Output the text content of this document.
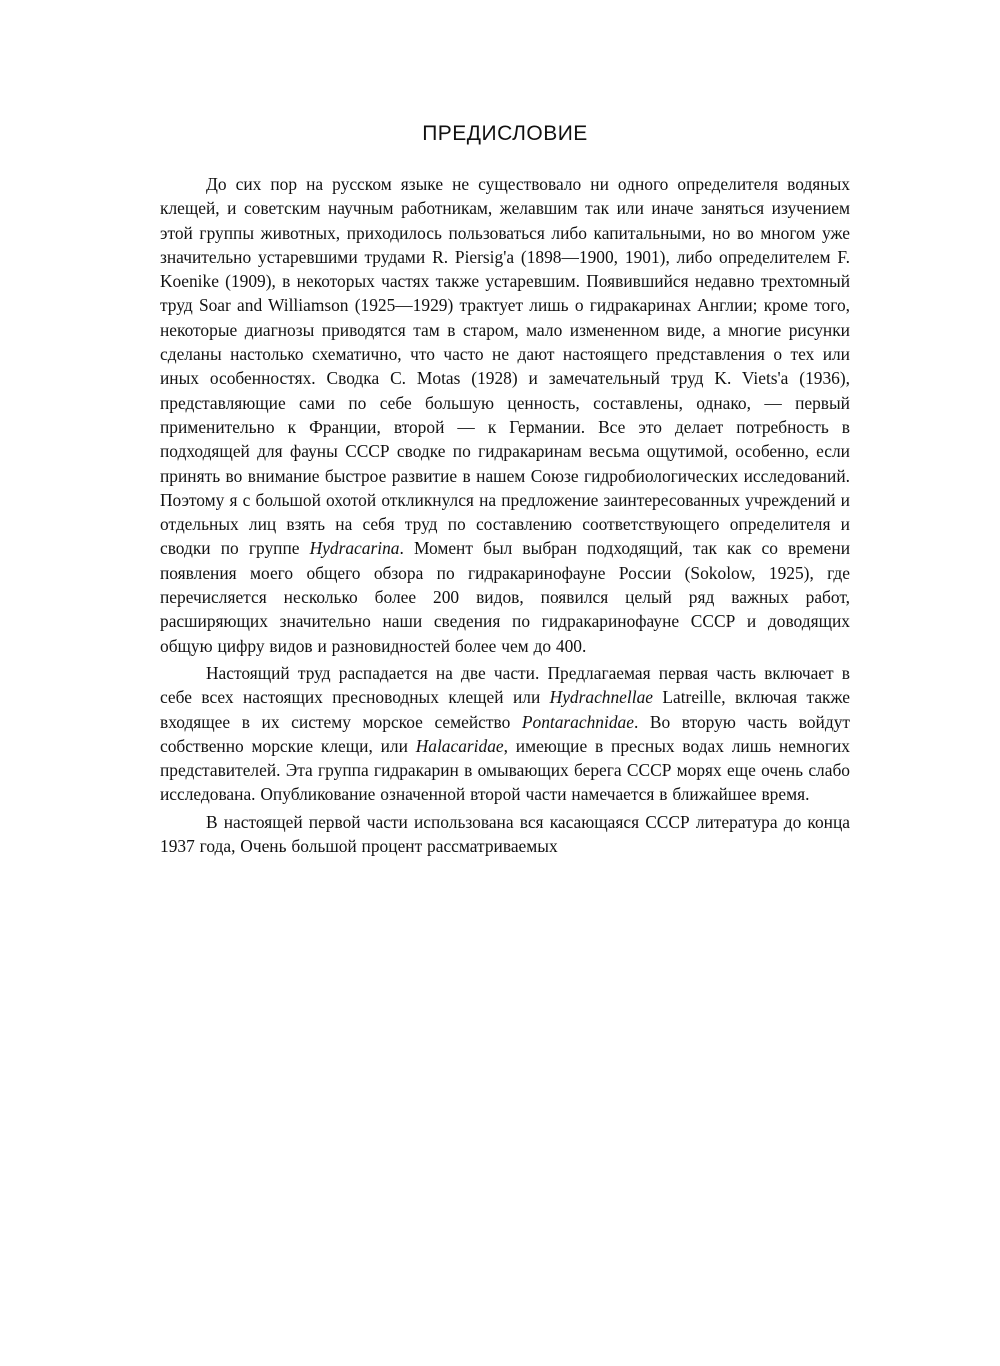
ПРЕДИСЛОВИЕ

До сих пор на русском языке не существовало ни одного определителя водяных клещей, и советским научным работникам, желавшим так или иначе заняться изучением этой группы животных, приходилось пользоваться либо капитальными, но во многом уже значительно устаревшими трудами R. Piersig'a (1898—1900, 1901), либо определителем F. Koenike (1909), в некоторых частях также устаревшим. Появившийся недавно трехтомный труд Soar and Williamson (1925—1929) трактует лишь о гидракаринах Англии; кроме того, некоторые диагнозы приводятся там в старом, мало измененном виде, а многие рисунки сделаны настолько схематично, что часто не дают настоящего представления о тех или иных особенностях. Сводка C. Motas (1928) и замечательный труд K. Viets'a (1936), представляющие сами по себе большую ценность, составлены, однако, — первый применительно к Франции, второй — к Германии. Все это делает потребность в подходящей для фауны СССР сводке по гидракаринам весьма ощутимой, особенно, если принять во внимание быстрое развитие в нашем Союзе гидробиологических исследований. Поэтому я с большой охотой откликнулся на предложение заинтересованных учреждений и отдельных лиц взять на себя труд по составлению соответствующего определителя и сводки по группе Hydracarina. Момент был выбран подходящий, так как со времени появления моего общего обзора по гидракаринофауне России (Sokolow, 1925), где перечисляется несколько более 200 видов, появился целый ряд важных работ, расширяющих значительно наши сведения по гидракаринофауне СССР и доводящих общую цифру видов и разновидностей более чем до 400.

Настоящий труд распадается на две части. Предлагаемая первая часть включает в себе всех настоящих пресноводных клещей или Hydrachnellae Latreille, включая также входящее в их систему морское семейство Pontarachnidae. Во вторую часть войдут собственно морские клещи, или Halacaridae, имеющие в пресных водах лишь немногих представителей. Эта группа гидракарин в омывающих берега СССР морях еще очень слабо исследована. Опубликование означенной второй части намечается в ближайшее время.

В настоящей первой части использована вся касающаяся СССР литература до конца 1937 года, Очень большой процент рассматриваемых
